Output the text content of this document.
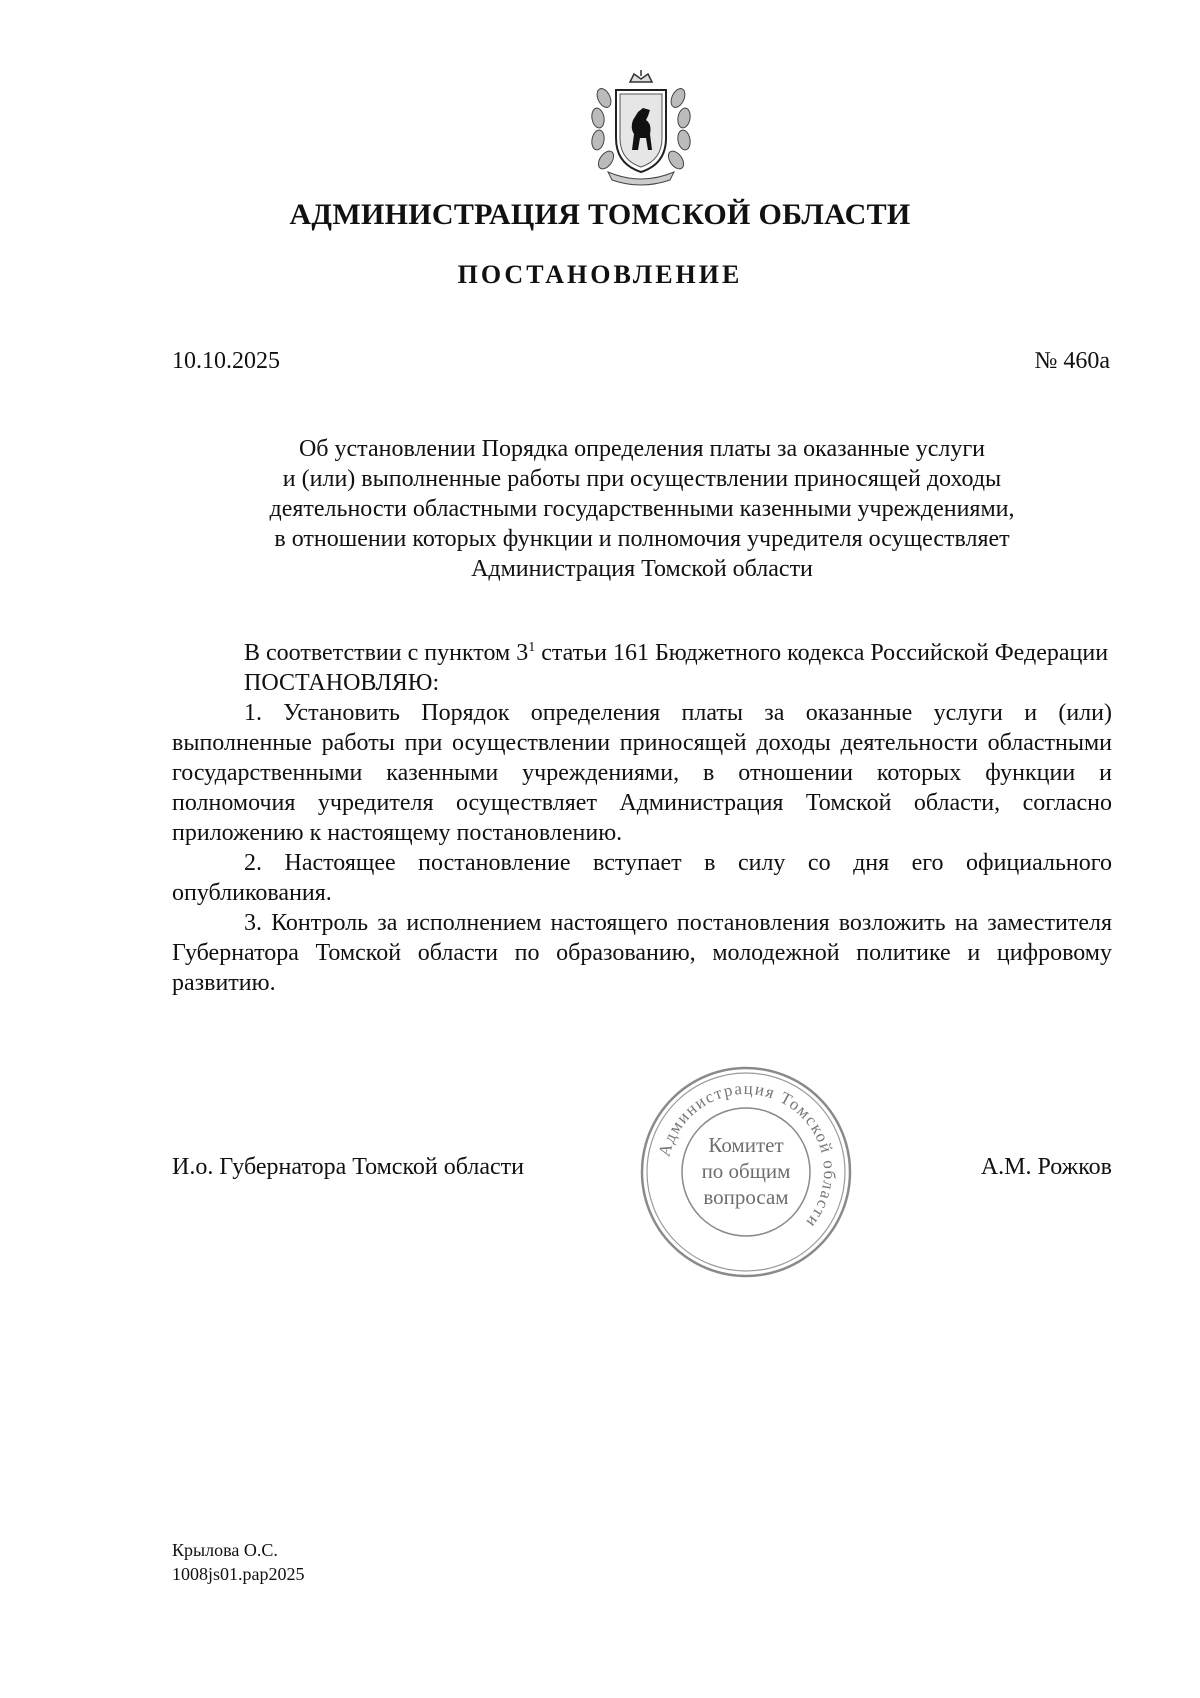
АДМИНИСТРАЦИЯ ТОМСКОЙ ОБЛАСТИ
ПОСТАНОВЛЕНИЕ
10.10.2025	№ 460а
Об установлении Порядка определения платы за оказанные услуги
и (или) выполненные работы при осуществлении приносящей доходы
деятельности областными государственными казенными учреждениями,
в отношении которых функции и полномочия учредителя осуществляет
Администрация Томской области

В соответствии с пунктом $3^1$ статьи 161 Бюджетного кодекса Российской Федерации

ПОСТАНОВЛЯЮ:

1. Установить Порядок определения платы за оказанные услуги и (или) выполненные работы при осуществлении приносящей доходы деятельности областными государственными казенными учреждениями, в отношении которых функции и полномочия учредителя осуществляет Администрация Томской области, согласно приложению к настоящему постановлению.

2. Настоящее постановление вступает в силу со дня его официального опубликования.

3. Контроль за исполнением настоящего постановления возложить на заместителя Губернатора Томской области по образованию, молодежной политике и цифровому развитию.

И.о. Губернатора Томской области	А.М. Рожков
Администрация Томской области
Комитет
по общим
вопросам
Крылова О.С.
1008js01.pap2025
